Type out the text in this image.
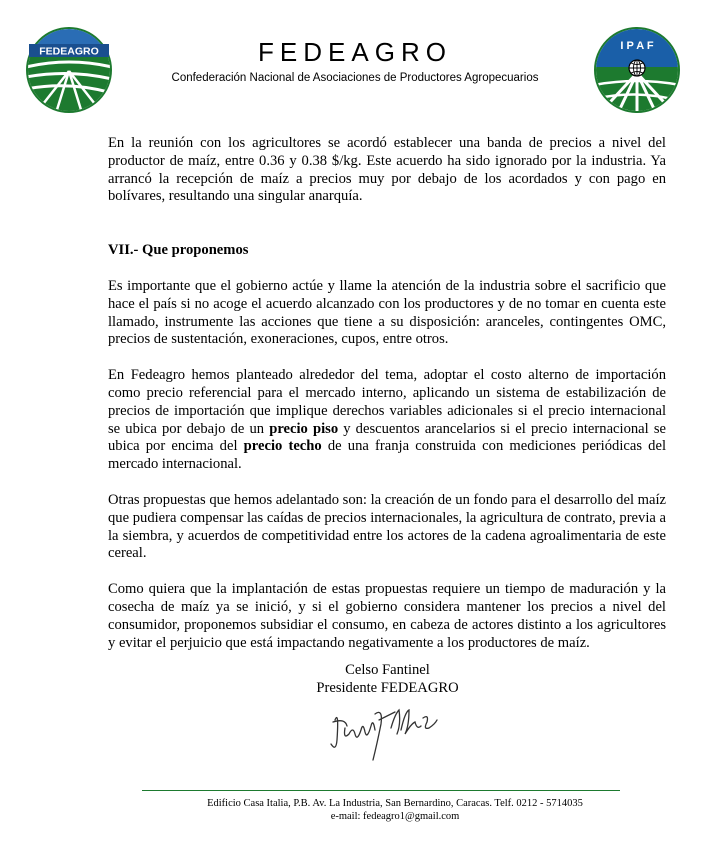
FEDEAGRO	FEDEAGRO
Confederación Nacional de Asociaciones de Productores Agropecuarios
I P A F

En la reunión con los agricultores se acordó establecer una banda de precios a nivel del productor de maíz, entre 0.36 y 0.38 $/kg. Este acuerdo ha sido ignorado por la industria. Ya arrancó la recepción de maíz a precios muy por debajo de los acordados y con pago en bolívares, resultando una singular anarquía.

VII.- Que proponemos

Es importante que el gobierno actúe y llame la atención de la industria sobre el sacrificio que hace el país si no acoge el acuerdo alcanzado con los productores y de no tomar en cuenta este llamado, instrumente las acciones que tiene a su disposición: aranceles, contingentes OMC, precios de sustentación, exoneraciones, cupos, entre otros.

En Fedeagro hemos planteado alrededor del tema, adoptar el costo alterno de importación como precio referencial para el mercado interno, aplicando un sistema de estabilización de precios de importación que implique derechos variables adicionales si el precio internacional se ubica por debajo de un precio piso y descuentos arancelarios si el precio internacional se ubica por encima del precio techo de una franja construida con mediciones periódicas del mercado internacional.

Otras propuestas que hemos adelantado son: la creación de un fondo para el desarrollo del maíz que pudiera compensar las caídas de precios internacionales, la agricultura de contrato, previa a la siembra, y acuerdos de competitividad entre los actores de la cadena agroalimentaria de este cereal.

Como quiera que la implantación de estas propuestas requiere un tiempo de maduración y la cosecha de maíz ya se inició, y si el gobierno considera mantener los precios a nivel del consumidor, proponemos subsidiar el consumo, en cabeza de actores distinto a los agricultores y evitar el perjuicio que está impactando negativamente a los productores de maíz.

Celso Fantinel
Presidente FEDEAGRO
Edificio Casa Italia, P.B. Av. La Industria, San Bernardino, Caracas. Telf. 0212 - 5714035
e-mail: fedeagro1@gmail.com
